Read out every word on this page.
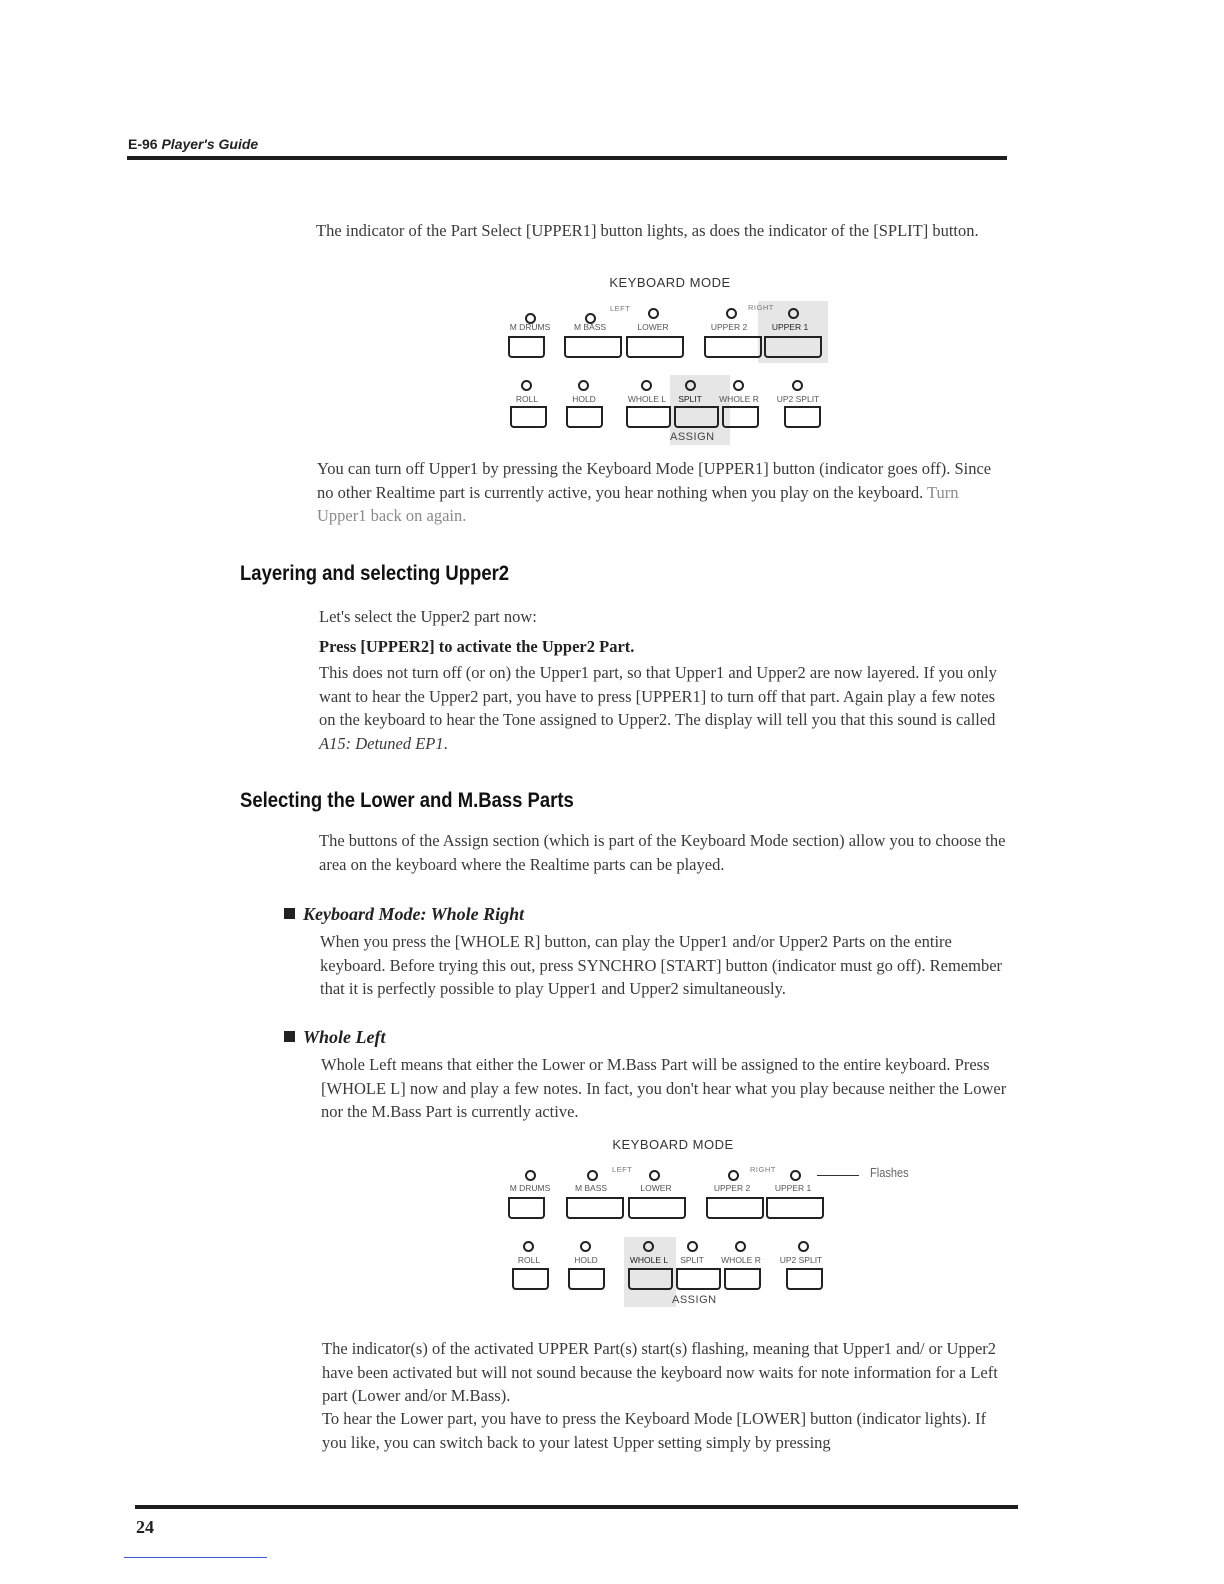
E-96 Player's Guide

The indicator of the Part Select [UPPER1] button lights, as does the indicator of the [SPLIT] button.

KEYBOARD MODE
LEFT	RIGHT
M DRUMS	M BASS	LOWER	UPPER 2	UPPER 1
ROLL	HOLD	WHOLE L SPLIT WHOLE R UP2 SPLIT
ASSIGN

You can turn off Upper1 by pressing the Keyboard Mode [UPPER1] button (indicator goes off). Since no other Realtime part is currently active, you hear nothing when you play on the keyboard. Turn Upper1 back on again.

Layering and selecting Upper2

Let's select the Upper2 part now:

Press [UPPER2] to activate the Upper2 Part.

This does not turn off (or on) the Upper1 part, so that Upper1 and Upper2 are now layered. If you only want to hear the Upper2 part, you have to press [UPPER1] to turn off that part. Again play a few notes on the keyboard to hear the Tone assigned to Upper2. The display will tell you that this sound is called A15: Detuned EP1.

Selecting the Lower and M.Bass Parts

The buttons of the Assign section (which is part of the Keyboard Mode section) allow you to choose the area on the keyboard where the Realtime parts can be played.

Keyboard Mode: Whole Right

When you press the [WHOLE R] button, can play the Upper1 and/or Upper2 Parts on the entire keyboard. Before trying this out, press SYNCHRO [START] button (indicator must go off). Remember that it is perfectly possible to play Upper1 and Upper2 simultaneously.

Whole Left

Whole Left means that either the Lower or M.Bass Part will be assigned to the entire keyboard. Press [WHOLE L] now and play a few notes. In fact, you don't hear what you play because neither the Lower nor the M.Bass Part is currently active.

KEYBOARD MODE
LEFT	RIGHT	Flashes
M DRUMS	M BASS	LOWER	UPPER 2	UPPER 1
ROLL	HOLD	WHOLE L SPLIT WHOLE R UP2 SPLIT
ASSIGN

The indicator(s) of the activated UPPER Part(s) start(s) flashing, meaning that Upper1 and/ or Upper2 have been activated but will not sound because the keyboard now waits for note information for a Left part (Lower and/or M.Bass).

To hear the Lower part, you have to press the Keyboard Mode [LOWER] button (indicator lights). If you like, you can switch back to your latest Upper setting simply by pressing

24
